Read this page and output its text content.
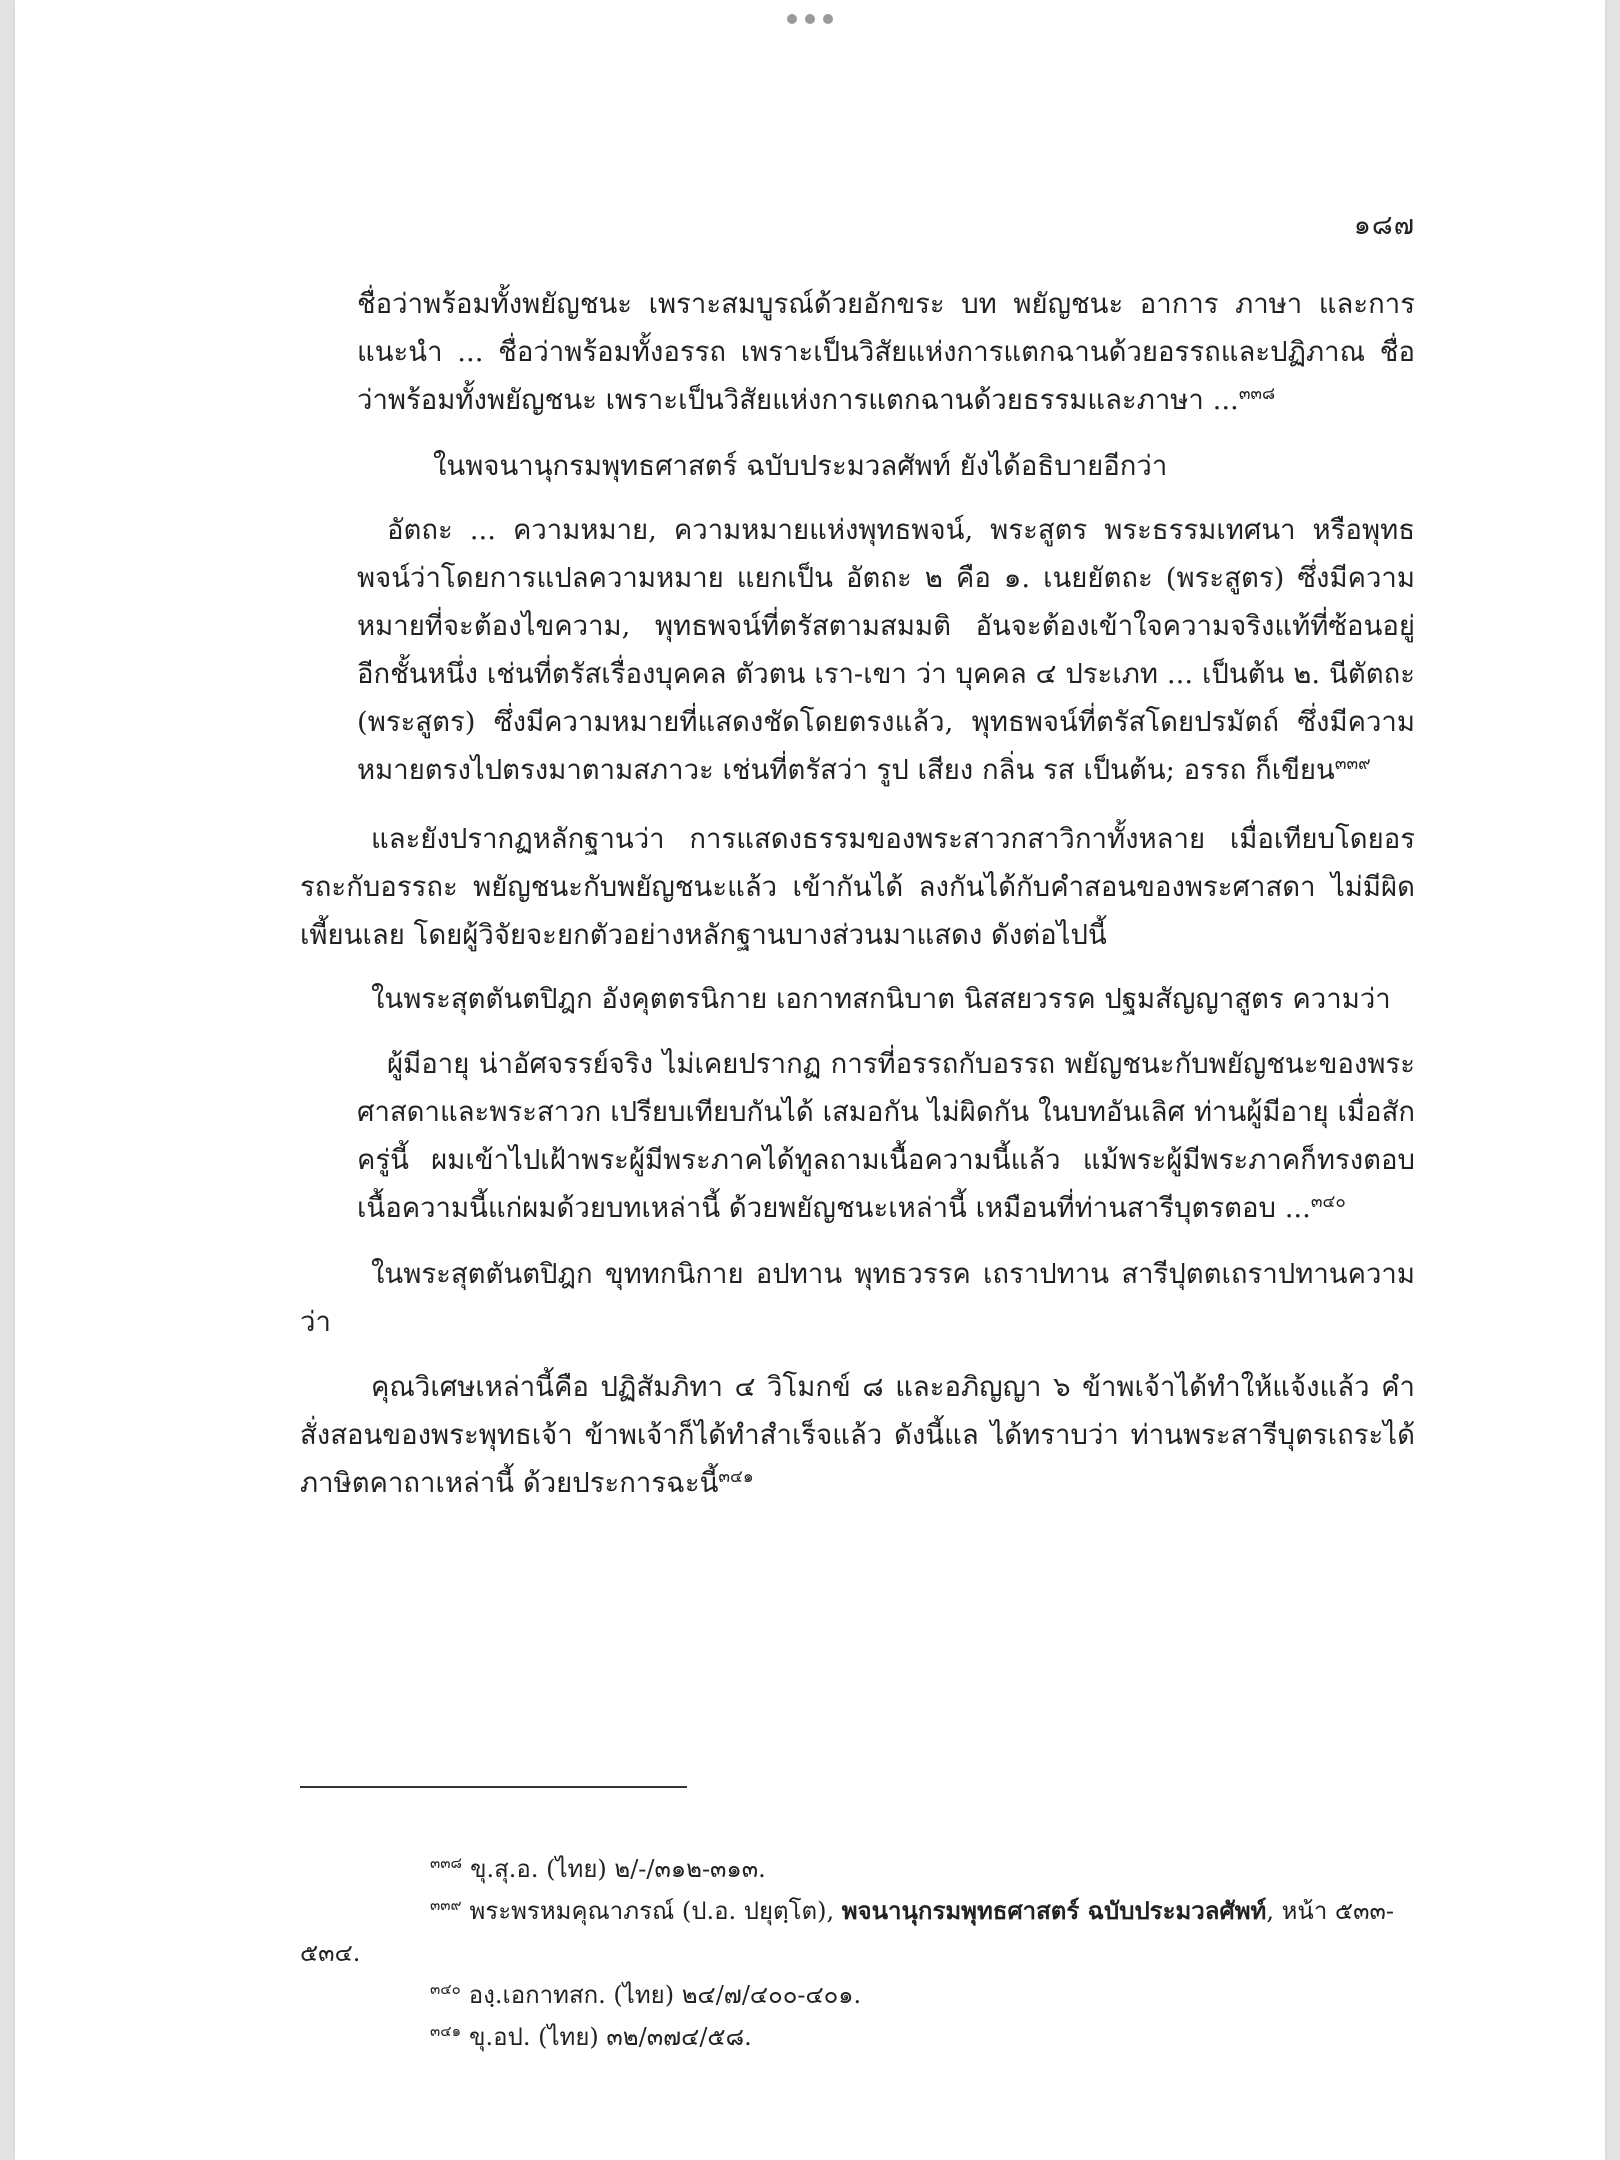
๑๘๗
ชื่อว่าพร้อมทั้งพยัญชนะ เพราะสมบูรณ์ด้วยอักขระ บท พยัญชนะ อาการ ภาษา และการแนะนำ ... ชื่อว่าพร้อมทั้งอรรถ เพราะเป็นวิสัยแห่งการแตกฉานด้วยอรรถและปฏิภาณ ชื่อว่าพร้อมทั้งพยัญชนะ เพราะเป็นวิสัยแห่งการแตกฉานด้วยธรรมและภาษา ...$^{๓๓๘}$
ในพจนานุกรมพุทธศาสตร์ ฉบับประมวลศัพท์ ยังได้อธิบายอีกว่า
อัตถะ ... ความหมาย, ความหมายแห่งพุทธพจน์, พระสูตร พระธรรมเทศนา หรือพุทธพจน์ว่าโดยการแปลความหมาย แยกเป็น อัตถะ ๒ คือ ๑. เนยยัตถะ (พระสูตร) ซึ่งมีความหมายที่จะต้องไขความ, พุทธพจน์ที่ตรัสตามสมมติ อันจะต้องเข้าใจความจริงแท้ที่ซ้อนอยู่อีกชั้นหนึ่ง เช่นที่ตรัสเรื่องบุคคล ตัวตน เรา-เขา ว่า บุคคล ๔ ประเภท ... เป็นต้น ๒. นีตัตถะ (พระสูตร) ซึ่งมีความหมายที่แสดงชัดโดยตรงแล้ว, พุทธพจน์ที่ตรัสโดยปรมัตถ์ ซึ่งมีความหมายตรงไปตรงมาตามสภาวะ เช่นที่ตรัสว่า รูป เสียง กลิ่น รส เป็นต้น; อรรถ ก็เขียน$^{๓๓๙}$
และยังปรากฏหลักฐานว่า การแสดงธรรมของพระสาวกสาวิกาทั้งหลาย เมื่อเทียบโดยอรรถะกับอรรถะ พยัญชนะกับพยัญชนะแล้ว เข้ากันได้ ลงกันได้กับคำสอนของพระศาสดา ไม่มีผิดเพี้ยนเลย โดยผู้วิจัยจะยกตัวอย่างหลักฐานบางส่วนมาแสดง ดังต่อไปนี้
ในพระสุตตันตปิฎก อังคุตตรนิกาย เอกาทสกนิบาต นิสสยวรรค ปฐมสัญญาสูตร ความว่า
ผู้มีอายุ น่าอัศจรรย์จริง ไม่เคยปรากฏ การที่อรรถกับอรรถ พยัญชนะกับพยัญชนะของพระศาสดาและพระสาวก เปรียบเทียบกันได้ เสมอกัน ไม่ผิดกัน ในบทอันเลิศ ท่านผู้มีอายุ เมื่อสักครู่นี้ ผมเข้าไปเฝ้าพระผู้มีพระภาคได้ทูลถามเนื้อความนี้แล้ว แม้พระผู้มีพระภาคก็ทรงตอบเนื้อความนี้แก่ผมด้วยบทเหล่านี้ ด้วยพยัญชนะเหล่านี้ เหมือนที่ท่านสารีบุตรตอบ ...$^{๓๔๐}$
ในพระสุตตันตปิฎก ขุททกนิกาย อปทาน พุทธวรรค เถราปทาน สารีปุตตเถราปทานความว่า
คุณวิเศษเหล่านี้คือ ปฏิสัมภิทา ๔ วิโมกข์ ๘ และอภิญญา ๖ ข้าพเจ้าได้ทำให้แจ้งแล้ว คำสั่งสอนของพระพุทธเจ้า ข้าพเจ้าก็ได้ทำสำเร็จแล้ว ดังนี้แล ได้ทราบว่า ท่านพระสารีบุตรเถระได้ภาษิตคาถาเหล่านี้ ด้วยประการฉะนี้$^{๓๔๑}$
$^{๓๓๘}$ ขุ.สุ.อ. (ไทย) ๒/-/๓๑๒-๓๑๓.
$^{๓๓๙}$ พระพรหมคุณาภรณ์ (ป.อ. ปยุตฺโต), พจนานุกรมพุทธศาสตร์ ฉบับประมวลศัพท์, หน้า ๕๓๓-
๕๓๔.
$^{๓๔๐}$ องฺ.เอกาทสก. (ไทย) ๒๔/๗/๔๐๐-๔๐๑.
$^{๓๔๑}$ ขุ.อป. (ไทย) ๓๒/๓๗๔/๕๘.
